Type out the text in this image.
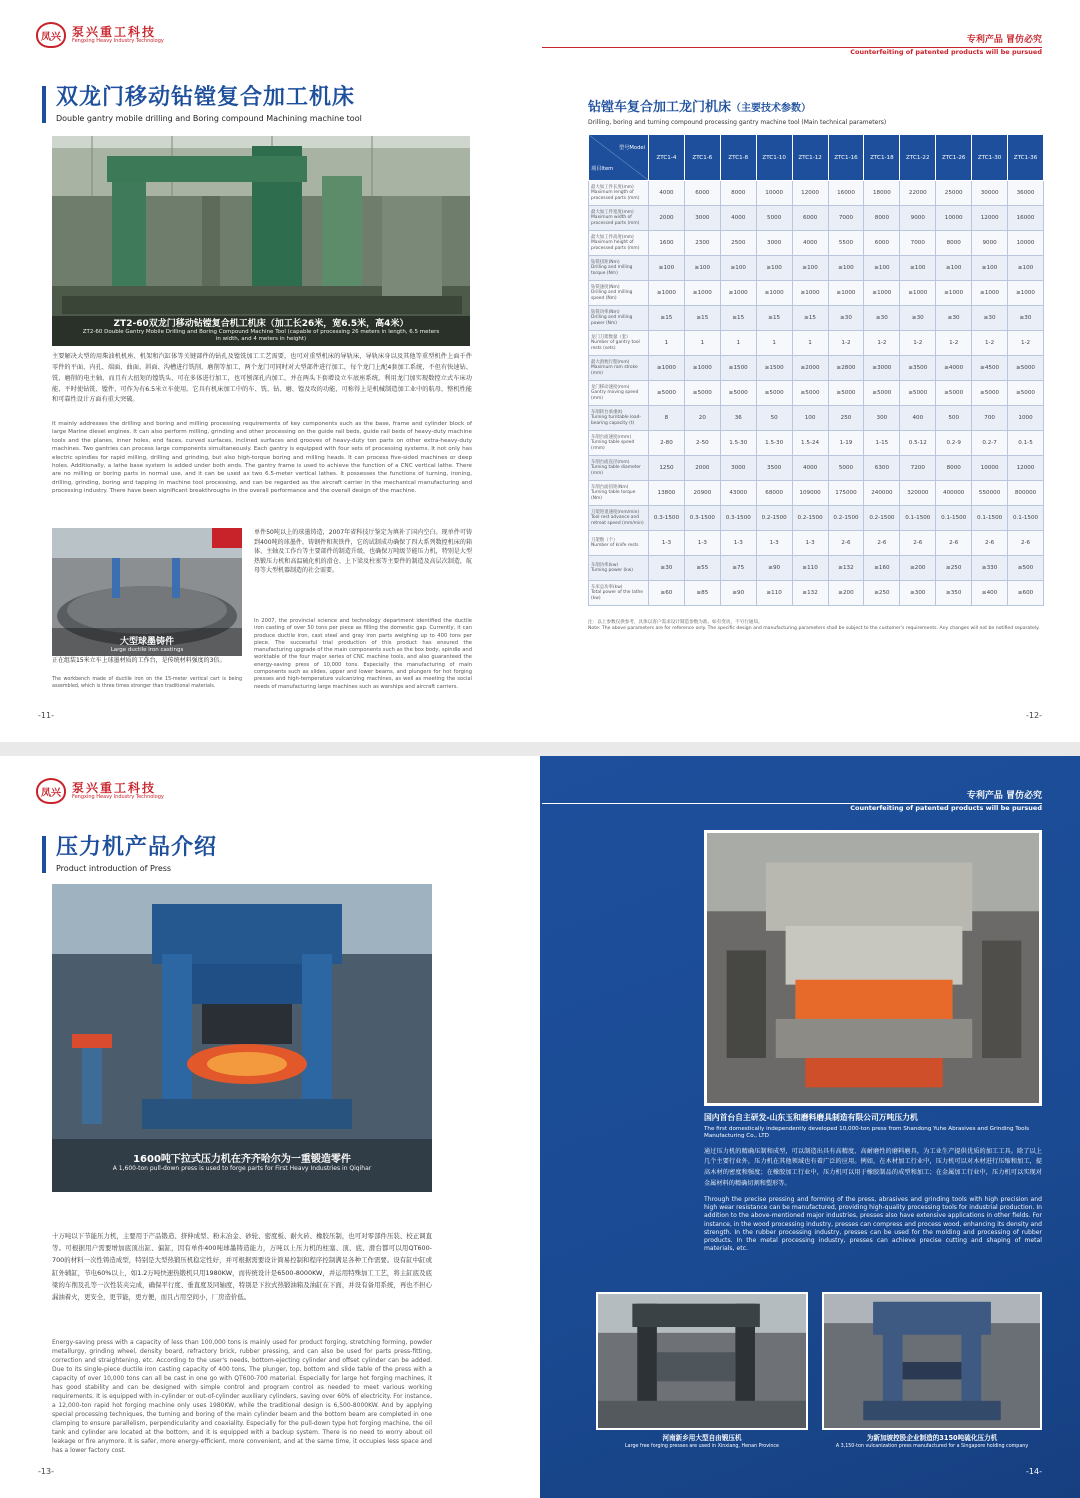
凤兴 泵兴重工科技
Fengxing Heavy Industry Technology
双龙门移动钻镗复合加工机床
Double gantry mobile drilling and Boring compound Machining machine tool
ZT2-60双龙门移动钻镗复合机工机床（加工长26米，宽6.5米，高4米）
ZT2-60 Double Gantry Mobile Drilling and Boring Compound Machine Tool (capable of processing 26 meters in length, 6.5 meters in width, and 4 meters in height)
主要解决大型的用柴油机机座、机架和汽缸体等关键部件的钻孔及镗铣加工工艺需要，也可对重型机床的导轨床，导轨床身以及其他等重型机件上面千件零件的平面、内孔、端面、曲面、斜面、沟槽进行铣削、磨削等加工，两个龙门可同时对大型部件进行加工，每个龙门上配4套加工系统，不但有快速钻、铣、磨削的电主轴，而且有大扭矩的镗铣头，可在多体进行加工，也可刨深孔内加工，并在两头下套增设立车底座系统，利用龙门加实现数控立式车床功能，平时使钻铣、镗件，可作为有6.5米立车使用。它具有机床加工中的车、铣、钻、磨、镗及攻的功能，可称得上是机械制造加工业中的航母，整机性能和可靠性设计方面有重大突破。
It mainly addresses the drilling and boring and milling processing requirements of key components such as the base, frame and cylinder block of large Marine diesel engines. It can also perform milling, grinding and other processing on the guide rail beds, guide rail beds of heavy-duty machine tools and the planes, inner holes, end faces, curved surfaces, inclined surfaces and grooves of heavy-duty ton parts on other extra-heavy-duty machines. Two gantries can process large components simultaneously. Each gantry is equipped with four sets of processing systems. It not only has electric spindles for rapid milling, drilling and grinding, but also high-torque boring and milling heads. It can process five-sided machines or deep holes. Additionally, a lathe base system is added under both ends. The gantry frame is used to achieve the function of a CNC vertical lathe. There are no milling or boring parts in normal use, and it can be used as two 6.5-meter vertical lathes. It possesses the functions of turning, ironing, drilling, grinding, boring and tapping in machine tool processing, and can be regarded as the aircraft carrier in the mechanical manufacturing and processing industry. There have been significant breakthroughs in the overall performance and the overall design of the machine.
大型球墨铸件
Large ductile iron castings
正在组装15米立车上球墨材质的工作台，是传统材料强度的3倍。
The workbench made of ductile iron on the 15-meter vertical cart is being assembled, which is three times stronger than traditional materials.
单件50吨以上的球墨铸造，2007年省科技厅鉴定为填补了国内空白。现单件可铸到400吨的球墨件，铸钢件和灰铁件，它的试制成功确保了四大系列数控机床的箱体、主轴及工作台等主要部件的制造升级，也确保万吨级节能压力机，特别是大型热锻压力机和高温硫化机的滑仓、上下梁及柱塞等主要件的制造及高层次制造，航母等大型机器制造的社会需要。
In 2007, the provincial science and technology department identified the ductile iron casting of over 50 tons per piece as filling the domestic gap. Currently, it can produce ductile iron, cast steel and gray iron parts weighing up to 400 tons per piece. The successful trial production of this product has ensured the manufacturing upgrade of the main components such as the box body, spindle and worktable of the four major series of CNC machine tools, and also guaranteed the energy-saving press of 10,000 tons. Especially the manufacturing of main components such as slides, upper and lower beams, and plungers for hot forging presses and high-temperature vulcanizing machines, as well as meeting the social needs of manufacturing large machines such as warships and aircraft carriers.
-11-
专利产品 冒仿必究
Counterfeiting of patented products will be pursued
钻镗车复合加工龙门机床（主要技术参数）
Drilling, boring and turning compound processing gantry machine tool (Main technical parameters)
型号Model
项目Item	ZTC1-4	ZTC1-6	ZTC1-8	ZTC1-10	ZTC1-12	ZTC1-16	ZTC1-18	ZTC1-22	ZTC1-26	ZTC1-30	ZTC1-36
最大加工件长度(mm)
Maximum length of processed parts (mm)	4000	6000	8000	10000	12000	16000	18000	22000	25000	30000	36000
最大加工件宽度(mm)
Maximum width of processed parts (mm)	2000	3000	4000	5000	6000	7000	8000	9000	10000	12000	16000
最大加工件高度(mm)
Maximum height of processed parts (mm)	1600	2300	2500	3000	4000	5500	6000	7000	8000	9000	10000
钻铣扭矩(Nm)
Drilling and milling torque (Nm)	≥100	≥100	≥100	≥100	≥100	≥100	≥100	≥100	≥100	≥100	≥100
钻铣速度(Nm)
Drilling and milling speed (Nm)	≥1000	≥1000	≥1000	≥1000	≥1000	≥1000	≥1000	≥1000	≥1000	≥1000	≥1000
钻铣功率(Nm)
Drilling and milling power (Nm)	≥15	≥15	≥15	≥15	≥15	≥30	≥30	≥30	≥30	≥30	≥30
龙门刀架数量（套）
Number of gantry tool rests (sets)	1	1	1	1	1	1-2	1-2	1-2	1-2	1-2	1-2
最大滑枕行程(mm)
Maximum ram stroke (mm)	≥1000	≥1000	≥1500	≥1500	≥2000	≥2800	≥3000	≥3500	≥4000	≥4500	≥5000
龙门移动速度(mm)
Gantry moving speed (mm)	≥5000	≥5000	≥5000	≥5000	≥5000	≥5000	≥5000	≥5000	≥5000	≥5000	≥5000
车削转台承重(t)
Turning turntable load-bearing capacity (t)	8	20	36	50	100	250	300	400	500	700	1000
车削台面速度(rmm)
Turning table speed (rmm)	2-80	2-50	1.5-30	1.5-30	1.5-24	1-19	1-15	0.5-12	0.2-9	0.2-7	0.1-5
车削台面直径(mm)
Turning table diameter (mm)	1250	2000	3000	3500	4000	5000	6300	7200	8000	10000	12000
车削台面扭矩(Nm)
Turning table torque (Nm)	13800	20900	43000	68000	109000	175000	240000	320000	400000	550000	800000
刀架进退速度(mm/min)
Tool rest advance and retreat speed (mm/min)	0.3-1500	0.3-1500	0.3-1500	0.2-1500	0.2-1500	0.2-1500	0.2-1500	0.1-1500	0.1-1500	0.1-1500	0.1-1500
刀架数（个）
Number of knife rests	1-3	1-3	1-3	1-3	1-3	2-6	2-6	2-6	2-6	2-6	2-6
车削功率(kw)
Turning power (kw)	≥30	≥55	≥75	≥90	≥110	≥132	≥160	≥200	≥250	≥330	≥500
车床总功率(kw)
Total power of the lathe (kw)	≥60	≥85	≥90	≥110	≥132	≥200	≥250	≥300	≥350	≥400	≥600
注：以上参数仅供参考，具体以客户需求设计制造参数为准。如有变动，不另行通知。
Note: The above parameters are for reference only. The specific design and manufacturing parameters shall be subject to the customer's requirements. Any changes will not be notified separately.
-12-
凤兴 泵兴重工科技
Fengxing Heavy Industry Technology
压力机产品介绍
Product introduction of Press
1600吨下拉式压力机在齐齐哈尔为一重锻造零件
A 1,600-ton pull-down press is used to forge parts for First Heavy Industries in Qiqihar
十万吨以下节能压力机，主要用于产品锻造、挤伸成型、粉末冶金、砂轮、密度板、耐火砖、橡胶压制，也可对零部件压装、校正调直等。可根据用户需要增加底顶出缸、偏缸，因有单件400吨球墨铸造能力，万吨以上压力机的柱塞、顶、底、滑台都可以用QT600-700的材料一次性铸造成型，特别是大型热锻压机稳定性好，并可根据需要设计简易控制和程序控制满足各种工作需要。设有缸中缸或缸外辅缸，节电60%以上，如1.2万吨快速热锻机只用1980KW，而传统设计是6500-8000KW，并运用特殊加工工艺，将主缸底及底梁的车削及孔等一次性装夹完成，确保平行度、垂直度及同轴度，特别是下拉式热锻油箱及油缸在下面，并设有备用系统，再也不担心漏油着火，更安全，更节能，更方便，而且占用空间小，厂房造价低。
Energy-saving press with a capacity of less than 100,000 tons is mainly used for product forging, stretching forming, powder metallurgy, grinding wheel, density board, refractory brick, rubber pressing, and can also be used for parts press-fitting, correction and straightening, etc. According to the user's needs, bottom-ejecting cylinder and offset cylinder can be added. Due to its single-piece ductile iron casting capacity of 400 tons, The plunger, top, bottom and slide table of the press with a capacity of over 10,000 tons can all be cast in one go with QT600-700 material. Especially for large hot forging machines, it has good stability and can be designed with simple control and program control as needed to meet various working requirements. It is equipped with in-cylinder or out-of-cylinder auxiliary cylinders, saving over 60% of electricity. For instance, a 12,000-ton rapid hot forging machine only uses 1980KW, while the traditional design is 6,500-8000KW. And by applying special processing techniques, the turning and boring of the main cylinder beam and the bottom beam are completed in one clamping to ensure parallelism, perpendicularity and coaxiality. Especially for the pull-down type hot forging machine, the oil tank and cylinder are located at the bottom, and it is equipped with a backup system. There is no need to worry about oil leakage or fire anymore. It is safer, more energy-efficient, more convenient, and at the same time, it occupies less space and has a lower factory cost.
-13-
专利产品 冒仿必究
Counterfeiting of patented products will be pursued
国内首台自主研发-山东玉和磨料磨具制造有限公司万吨压力机
The first domestically independently developed 10,000-ton press from Shandong Yuhe Abrasives and Grinding Tools Manufacturing Co., LTD
通过压力机的精确压制和成型，可以制造出具有高精度、高耐磨性的磨料磨具，为工业生产提供优质的加工工具。除了以上几个主要行业外，压力机在其他领域也有着广泛的应用。例如，在木材加工行业中，压力机可以对木材进行压缩和加工，提高木材的密度和强度；在橡胶加工行业中，压力机可以用于橡胶制品的成型和加工；在金属加工行业中，压力机可以实现对金属材料的精确切割和塑形等。
Through the precise pressing and forming of the press, abrasives and grinding tools with high precision and high wear resistance can be manufactured, providing high-quality processing tools for industrial production. In addition to the above-mentioned major industries, presses also have extensive applications in other fields. For instance, in the wood processing industry, presses can compress and process wood, enhancing its density and strength. In the rubber processing industry, presses can be used for the molding and processing of rubber products. In the metal processing industry, presses can achieve precise cutting and shaping of metal materials, etc.
河南新乡用大型自由锻压机
Large free forging presses are used in Xinxiang, Henan Province
为新加坡控股企业制造的3150吨硫化压力机
A 3,150-ton vulcanization press manufactured for a Singapore holding company
-14-
